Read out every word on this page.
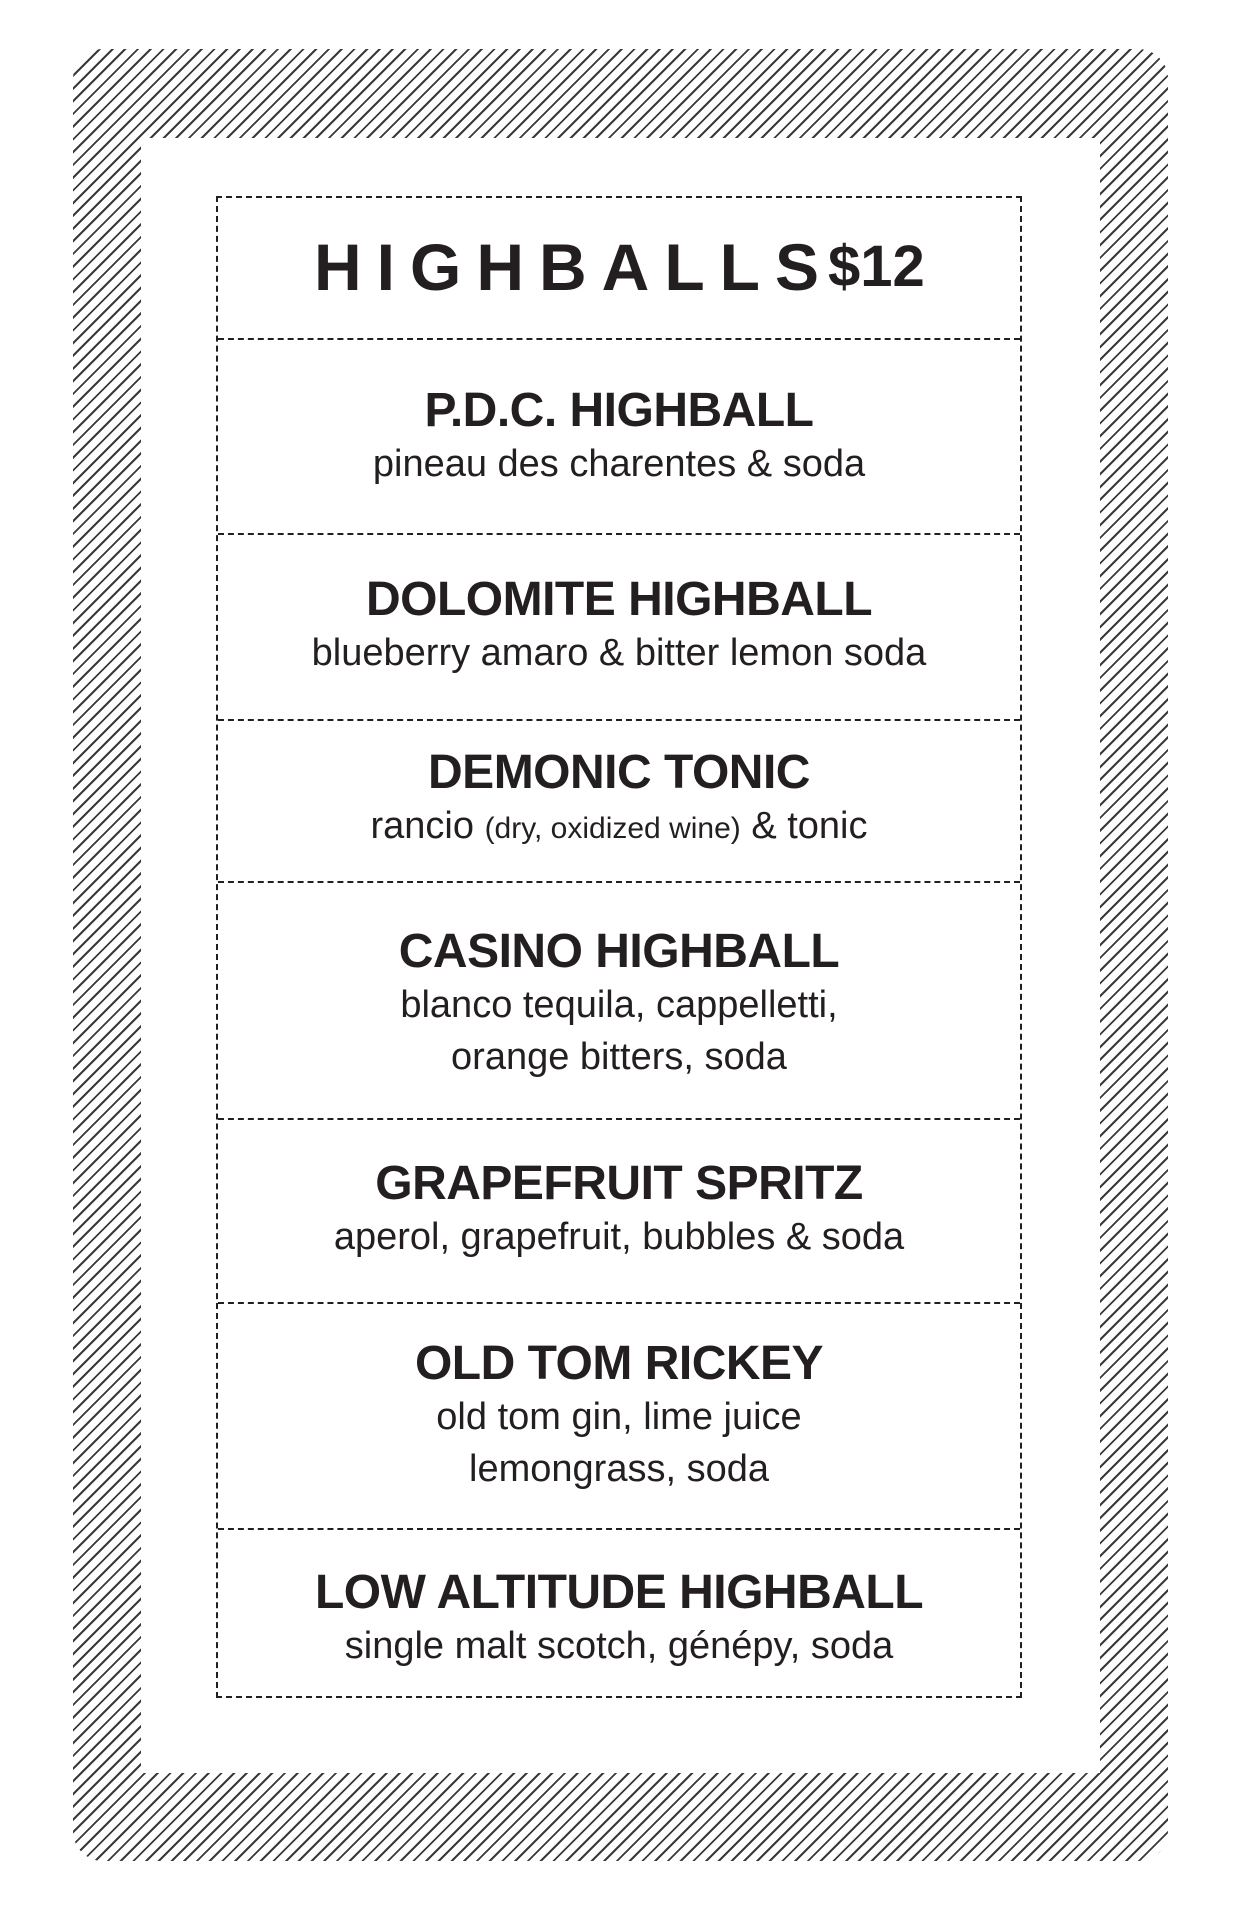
HIGHBALLS
$12
P.D.C. HIGHBALL
pineau des charentes & soda
DOLOMITE HIGHBALL
blueberry amaro & bitter lemon soda
DEMONIC TONIC
rancio (dry, oxidized wine) & tonic
CASINO HIGHBALL
blanco tequila, cappelletti,
orange bitters, soda
GRAPEFRUIT SPRITZ
aperol, grapefruit, bubbles & soda
OLD TOM RICKEY
old tom gin, lime juice
lemongrass, soda
LOW ALTITUDE HIGHBALL
single malt scotch, génépy, soda
